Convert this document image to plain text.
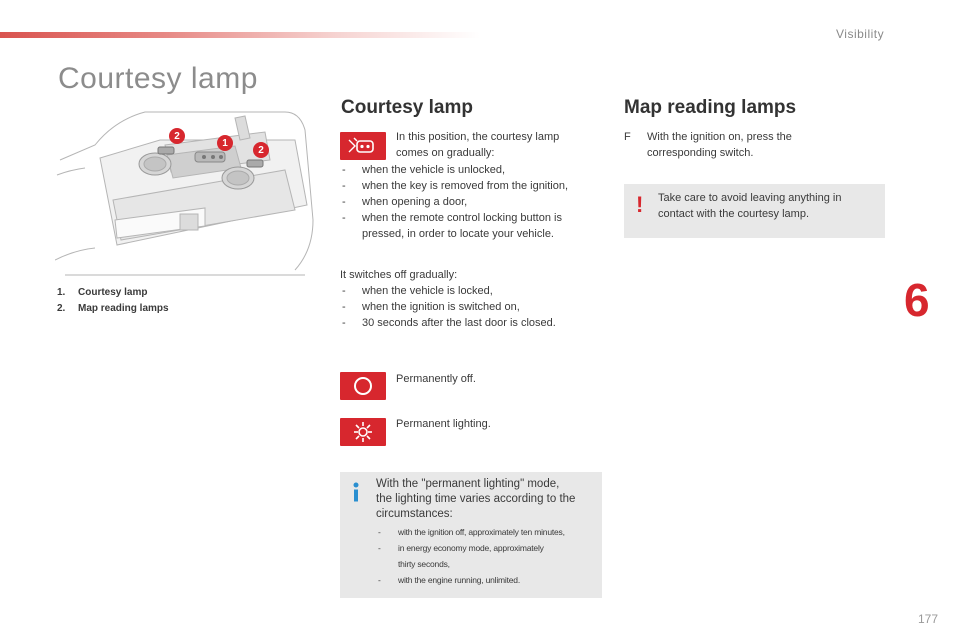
Visibility
Courtesy lamp
2
1
2
1. Courtesy lamp
2. Map reading lamps
Courtesy lamp
In this position, the courtesy lamp
comes on gradually:
- when the vehicle is unlocked,
- when the key is removed from the ignition,
- when opening a door,
- when the remote control locking button is
pressed, in order to locate your vehicle.
It switches off gradually:
- when the vehicle is locked,
- when the ignition is switched on,
- 30 seconds after the last door is closed.
Permanently off.
Permanent lighting.
With the "permanent lighting" mode,
the lighting time varies according to the
circumstances:
- with the ignition off, approximately ten minutes,
- in energy economy mode, approximately
thirty seconds,
- with the engine running, unlimited.
Map reading lamps
F With the ignition on, press the
corresponding switch.
! Take care to avoid leaving anything in
contact with the courtesy lamp.
6
177
